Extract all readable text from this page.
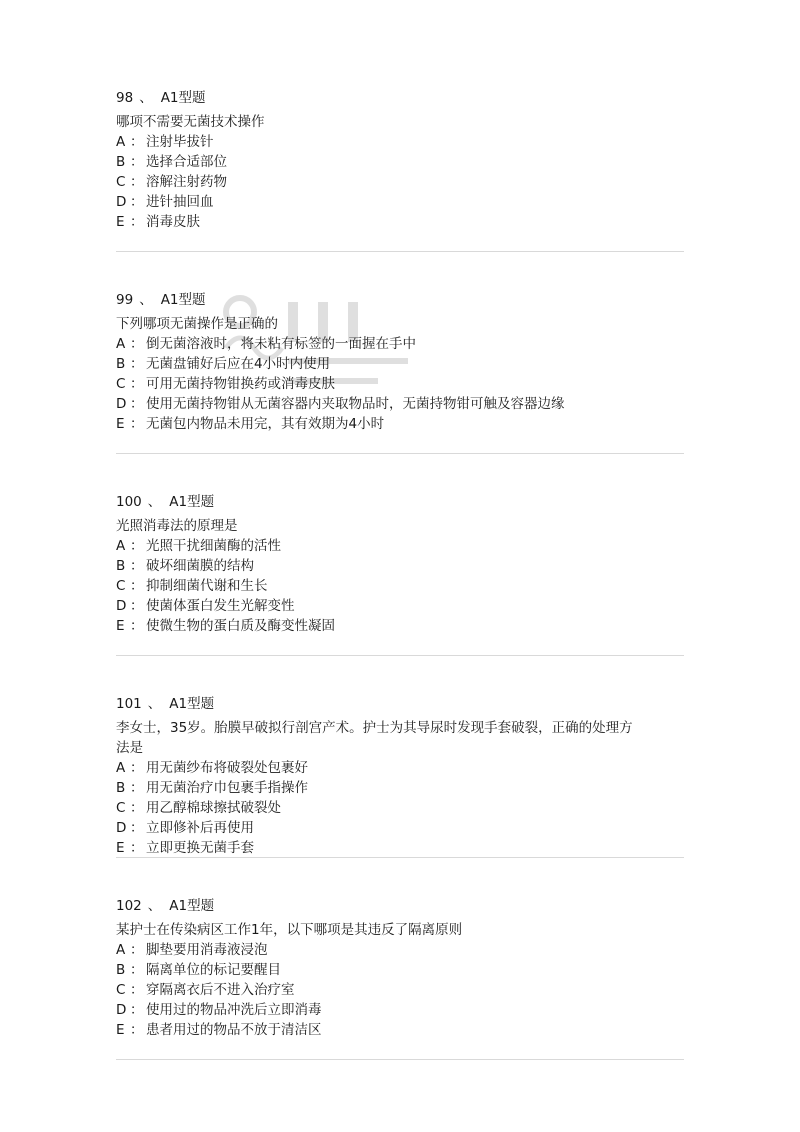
98 、 A1型题

哪项不需要无菌技术操作

A ： 注射毕拔针

B ： 选择合适部位

C ： 溶解注射药物

D ： 进针抽回血

E ： 消毒皮肤

99 、 A1型题

下列哪项无菌操作是正确的

A ： 倒无菌溶液时，将未粘有标签的一面握在手中

B ： 无菌盘铺好后应在4小时内使用

C ： 可用无菌持物钳换药或消毒皮肤

D ： 使用无菌持物钳从无菌容器内夹取物品时，无菌持物钳可触及容器边缘

E ： 无菌包内物品未用完，其有效期为4小时

100 、 A1型题

光照消毒法的原理是

A ： 光照干扰细菌酶的活性

B ： 破坏细菌膜的结构

C ： 抑制细菌代谢和生长

D ： 使菌体蛋白发生光解变性

E ： 使微生物的蛋白质及酶变性凝固

101 、 A1型题

李女士，35岁。胎膜早破拟行剖宫产术。护士为其导尿时发现手套破裂，正确的处理方

法是

A ： 用无菌纱布将破裂处包裹好

B ： 用无菌治疗巾包裹手指操作

C ： 用乙醇棉球擦拭破裂处

D ： 立即修补后再使用

E ： 立即更换无菌手套

102 、 A1型题

某护士在传染病区工作1年，以下哪项是其违反了隔离原则

A ： 脚垫要用消毒液浸泡

B ： 隔离单位的标记要醒目

C ： 穿隔离衣后不进入治疗室

D ： 使用过的物品冲洗后立即消毒

E ： 患者用过的物品不放于清洁区
